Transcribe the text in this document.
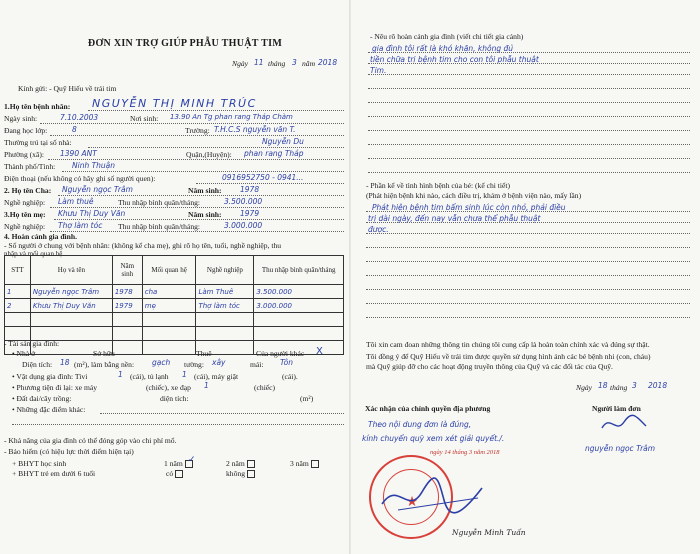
ĐƠN XIN TRỢ GIÚP PHẪU THUẬT TIM
Ngày 11 tháng 3 năm 2018
Kính gửi: - Quỹ Hiếu về trái tim
1.Họ tên bệnh nhân: NGUYỄN THỊ MINH TRÚC
Ngày sinh:	7.10.2003	Nơi sinh: 13.90 An Tg phan rang Tháp Chàm
Đang học lớp:	8	Trường: T.H.C.S nguyễn văn T.
Thường trú tại số nhà:	Nguyễn Du
Phường (xã): 1390 ANT	Quận,(Huyện): phan rang Tháp
Thành phố/Tỉnh: Ninh Thuận
Điện thoại (nếu không có hãy ghi số người quen):	0916952750 - 0941...
2. Họ tên Cha: Nguyễn ngọc Trâm	Năm sinh: 1978
Nghề nghiệp: Làm thuê	Thu nhập bình quân/tháng:	3.500.000
3.Họ tên mẹ: Khưu Thị Duy Văn	Năm sinh: 1979
Nghề nghiệp: Thợ làm tóc Thu nhập bình quân/tháng:	3.000.000
4. Hoàn cảnh gia đình.
- Số người ở chung với bệnh nhân: (không kể cha mẹ), ghi rõ họ tên, tuổi, nghề nghiệp, thu
nhập và mối quan hệ.
STT	Họ và tên	Năm sinh	Mối quan hệ	Nghề nghiệp	Thu nhập bình quân/tháng
1	Nguyễn ngọc Trâm	1978	cha	Làm Thuê	3.500.000
2	Khưu Thị Duy Văn	1979	mẹ	Thợ làm tóc	3.000.000

- Tài sản gia đình:
• Nhà ở	Sở hữu	Thuê	Của người khác X
Diện tích: 18 (m²), làm bằng nền: gạch tường: xây	mái: Tôn
• Vật dụng gia đình: Tivi	1 (cái), tủ lạnh 1 (cái), máy giặt	(cái).
• Phương tiện đi lại: xe máy	(chiếc), xe đạp 1	(chiếc)
• Đất đai/cây trồng:	diện tích:	(m²)
• Những đặc điểm khác:
- Khả năng của gia đình có thể đóng góp vào chi phí mổ.
- Bảo hiểm (có hiệu lực thời điểm hiện tại)
+ BHYT học sinh	1 năm ✓	2 năm	3 năm
+ BHYT trẻ em dưới 6 tuổi	có	không
- Nêu rõ hoàn cảnh gia đình (viết chi tiết gia cảnh)
gia đình tôi rất là khó khăn, không đủ
tiền chữa trị bệnh tim cho con tôi phẫu thuật
Tim.
- Phần kể về tình hình bệnh của bé: (kể chi tiết)
(Phát hiện bệnh khi nào, cách điều trị, khám ở bệnh viện nào, mấy lần)
Phát hiện bệnh tim bẩm sinh lúc còn nhỏ, phải điều
trị dài ngày, đến nay vẫn chưa thể phẫu thuật
được.
Tôi xin cam đoan những thông tin chúng tôi cung cấp là hoàn toàn chính xác và đúng sự thật.
Tôi đồng ý để Quỹ Hiếu về trái tim được quyền sử dụng hình ảnh các bé bệnh nhi (con, cháu)
mà Quỹ giúp đỡ cho các hoạt động truyền thông của Quỹ và các đối tác của Quỹ.
Ngày 18 tháng 3 2018
Xác nhận của chính quyền địa phương	Người làm đơn
Theo nội dung đơn là đúng,
kính chuyển quỹ xem xét giải quyết./.
★
ngày 14 tháng 3 năm 2018
Nguyễn Minh Tuấn
nguyễn ngọc Trâm
